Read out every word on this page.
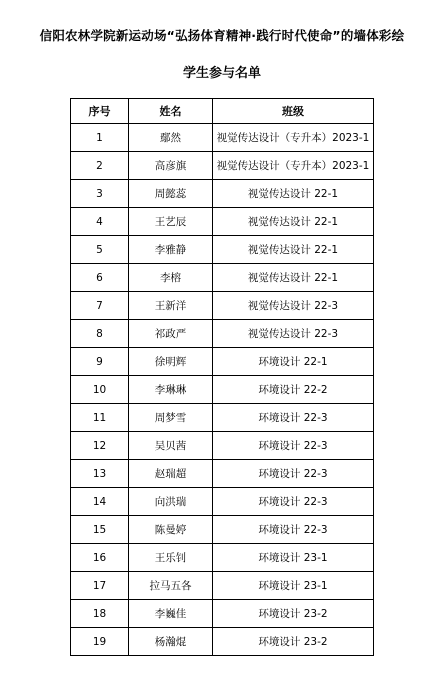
信阳农林学院新运动场“弘扬体育精神·践行时代使命”的墙体彩绘
学生参与名单
序号	姓名	班级
1	鄢然	视觉传达设计（专升本）2023-1
2	高彦旗	视觉传达设计（专升本）2023-1
3	周懿蕊	视觉传达设计 22-1
4	王艺辰	视觉传达设计 22-1
5	李雅静	视觉传达设计 22-1
6	李榕	视觉传达设计 22-1
7	王新洋	视觉传达设计 22-3
8	祁政严	视觉传达设计 22-3
9	徐明辉	环境设计 22-1
10	李琳琳	环境设计 22-2
11	周梦雪	环境设计 22-3
12	吴贝茜	环境设计 22-3
13	赵瑞超	环境设计 22-3
14	向洪瑞	环境设计 22-3
15	陈曼婷	环境设计 22-3
16	王乐钊	环境设计 23-1
17	拉马五各	环境设计 23-1
18	李巍佳	环境设计 23-2
19	杨瀚焜	环境设计 23-2
